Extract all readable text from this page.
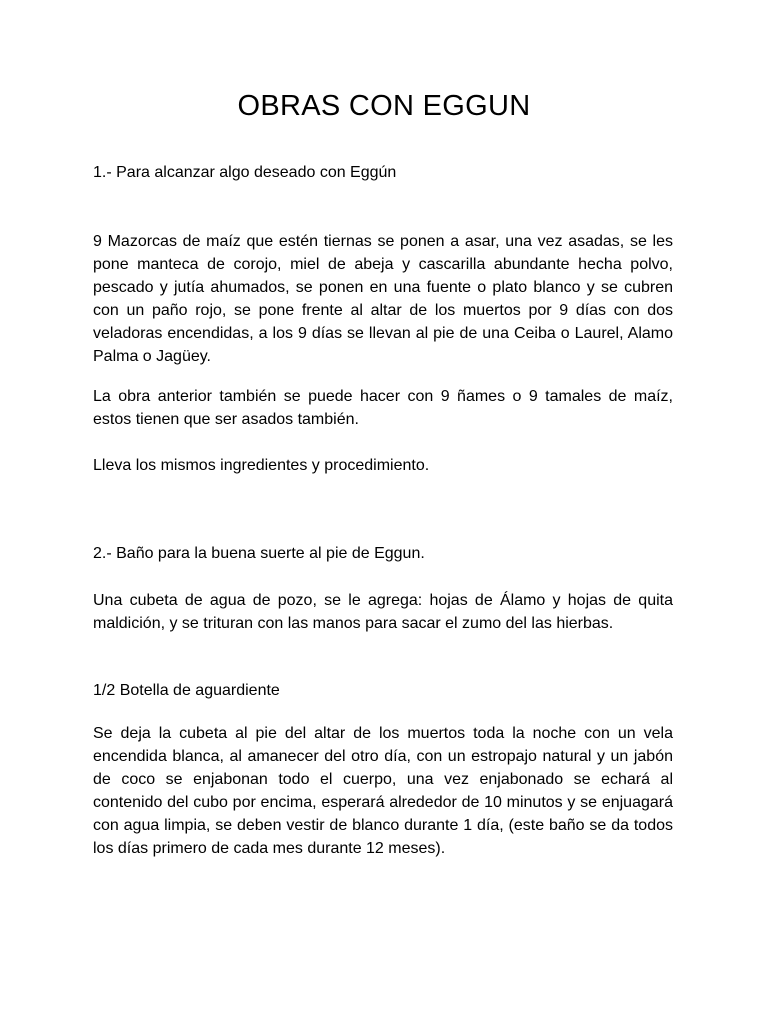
OBRAS CON EGGUN

1.- Para alcanzar algo deseado con Eggún

9 Mazorcas de maíz que estén tiernas se ponen a asar, una vez asadas, se les pone manteca de corojo, miel de abeja y cascarilla abundante hecha polvo, pescado y jutía ahumados, se ponen en una fuente o plato blanco y se cubren con un paño rojo, se pone frente al altar de los muertos por 9 días con dos veladoras encendidas, a los 9 días se llevan al pie de una Ceiba o Laurel, Alamo Palma o Jagüey.

La obra anterior también se puede hacer con 9 ñames o 9 tamales de maíz, estos tienen que ser asados también.

Lleva los mismos ingredientes y procedimiento.

2.- Baño para la buena suerte al pie de Eggun.

Una cubeta de agua de pozo, se le agrega: hojas de Álamo y hojas de quita maldición, y se trituran con las manos para sacar el zumo del las hierbas.

1/2 Botella de aguardiente

Se deja la cubeta al pie del altar de los muertos toda la noche con un vela encendida blanca, al amanecer del otro día, con un estropajo natural y un jabón de coco se enjabonan todo el cuerpo, una vez enjabonado se echará al contenido del cubo por encima, esperará alrededor de 10 minutos y se enjuagará con agua limpia, se deben vestir de blanco durante 1 día, (este baño se da todos los días primero de cada mes durante 12 meses).
